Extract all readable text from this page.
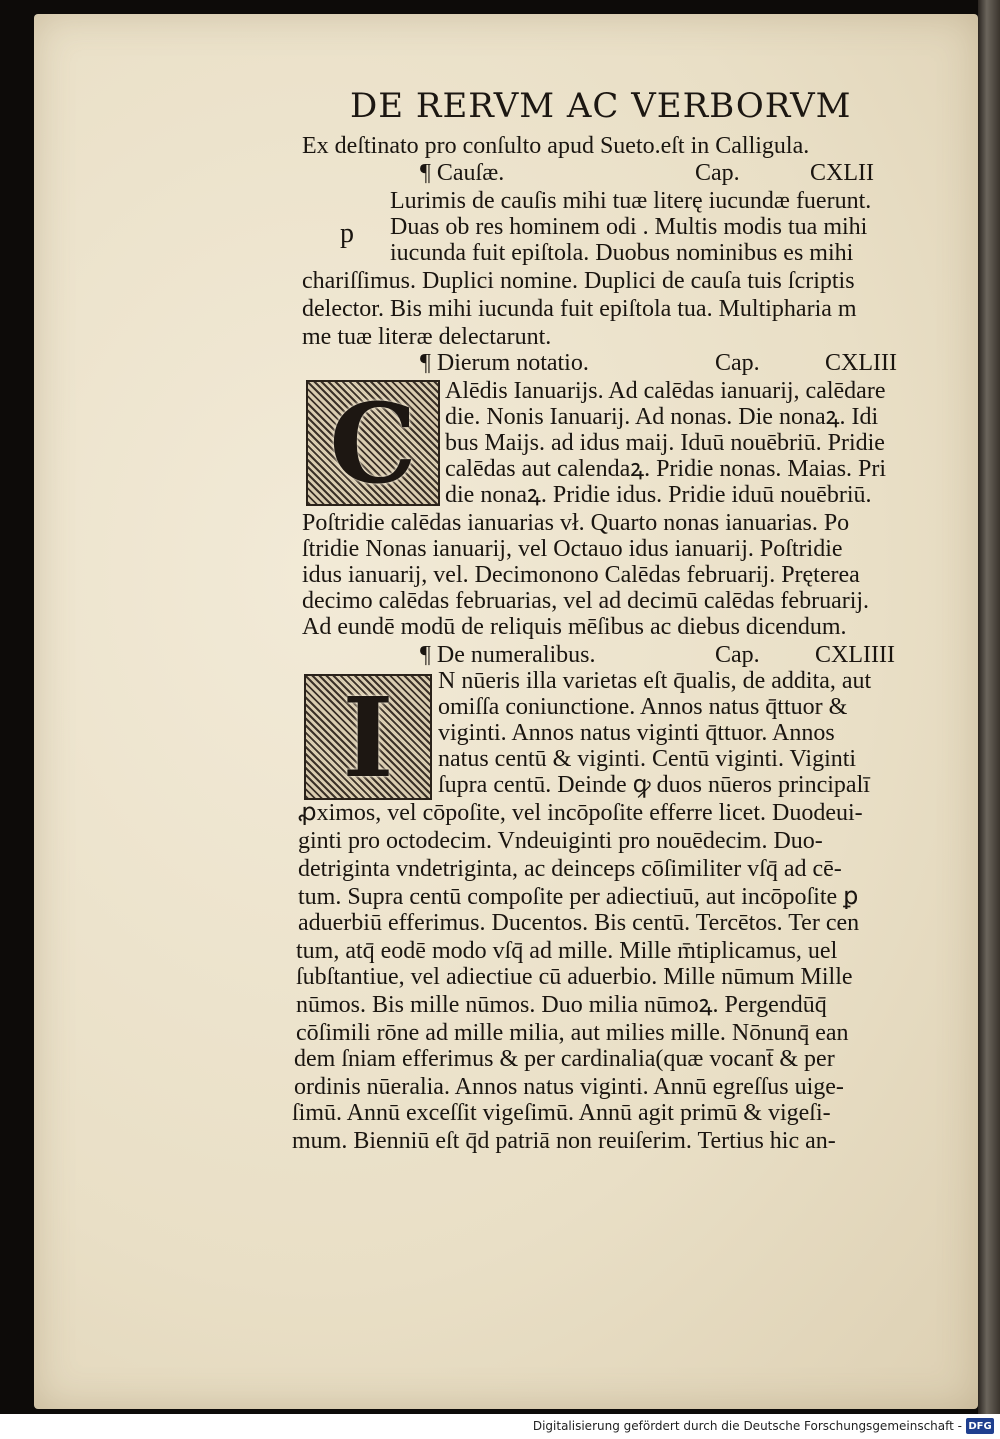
DE RERVM AC VERBORVM
Ex deſtinato pro conſulto apud Sueto.eſt in Calligula.
¶ Cauſæ.	Cap.	CXLII
Lurimis de cauſis mihi tuæ literę iucundæ fuerunt.
p Duas ob res hominem odi . Multis modis tua mihi
iucunda fuit epiſtola. Duobus nominibus es mihi
chariſſimus. Duplici nomine. Duplici de cauſa tuis ſcriptis
delector. Bis mihi iucunda fuit epiſtola tua. Multipharia m
me tuæ literæ delectarunt.
¶ Dierum notatio.	Cap.	CXLIII
C Alēdis Ianuarijs. Ad calēdas ianuarij, calēdare
die. Nonis Ianuarij. Ad nonas. Die nonaꝝ. Idi
bus Maijs. ad idus maij. Iduū nouēbriū. Pridie
calēdas aut calendaꝝ. Pridie nonas. Maias. Pri
die nonaꝝ. Pridie idus. Pridie iduū nouēbriū.
Poſtridie calēdas ianuarias vł. Quarto nonas ianuarias. Po
ſtridie Nonas ianuarij, vel Octauo idus ianuarij. Poſtridie
idus ianuarij, vel. Decimonono Calēdas februarij. Prętereа
decimo calēdas februarias, vel ad decimū calēdas februarij.
Ad eundē modū de reliquis mēſibus ac diebus dicendum.
¶ De numeralibus.	Cap. CXLIIII
I N nūeris illa varietas eſt q̄ualis, de addita, aut
omiſſa coniunctione. Annos natus q̄ttuor &
viginti. Annos natus viginti q̄ttuor. Annos
natus centū & viginti. Centū viginti. Viginti
ſupra centū. Deinde ꝙ duos nūeros principalī
ꝓximos, vel cōpoſite, vel incōpoſite efferre licet. Duodeui-
ginti pro octodecim. Vndeuiginti pro nouēdecim. Duo-
detriginta vndetriginta, ac deinceps cōſimiliter vſq̄ ad cē-
tum. Supra centū compoſite per adiectiuū, aut incōpoſite ꝑ
aduerbiū efferimus. Ducentos. Bis centū. Tercētos. Ter cen
tum, atq̄ eodē modo vſq̄ ad mille. Mille m̄tiplicamus, uel
ſubſtantiue, vel adiectiue cū aduerbio. Mille nūmum Mille
nūmos. Bis mille nūmos. Duo milia nūmoꝝ. Pergendūq̄
cōſimili rōne ad mille milia, aut milies mille. Nōnunq̄ ean
dem ſniam efferimus & per cardinalia(quæ vocant̄ & per
ordinis nūeralia. Annos natus viginti. Annū egreſſus uige-
ſimū. Annū exceſſit vigeſimū. Annū agit primū & vigeſi-
mum. Bienniū eſt q̄d patriā non reuiſerim. Tertius hic an-
Digitalisierung gefördert durch die Deutsche Forschungsgemeinschaft - DFG
